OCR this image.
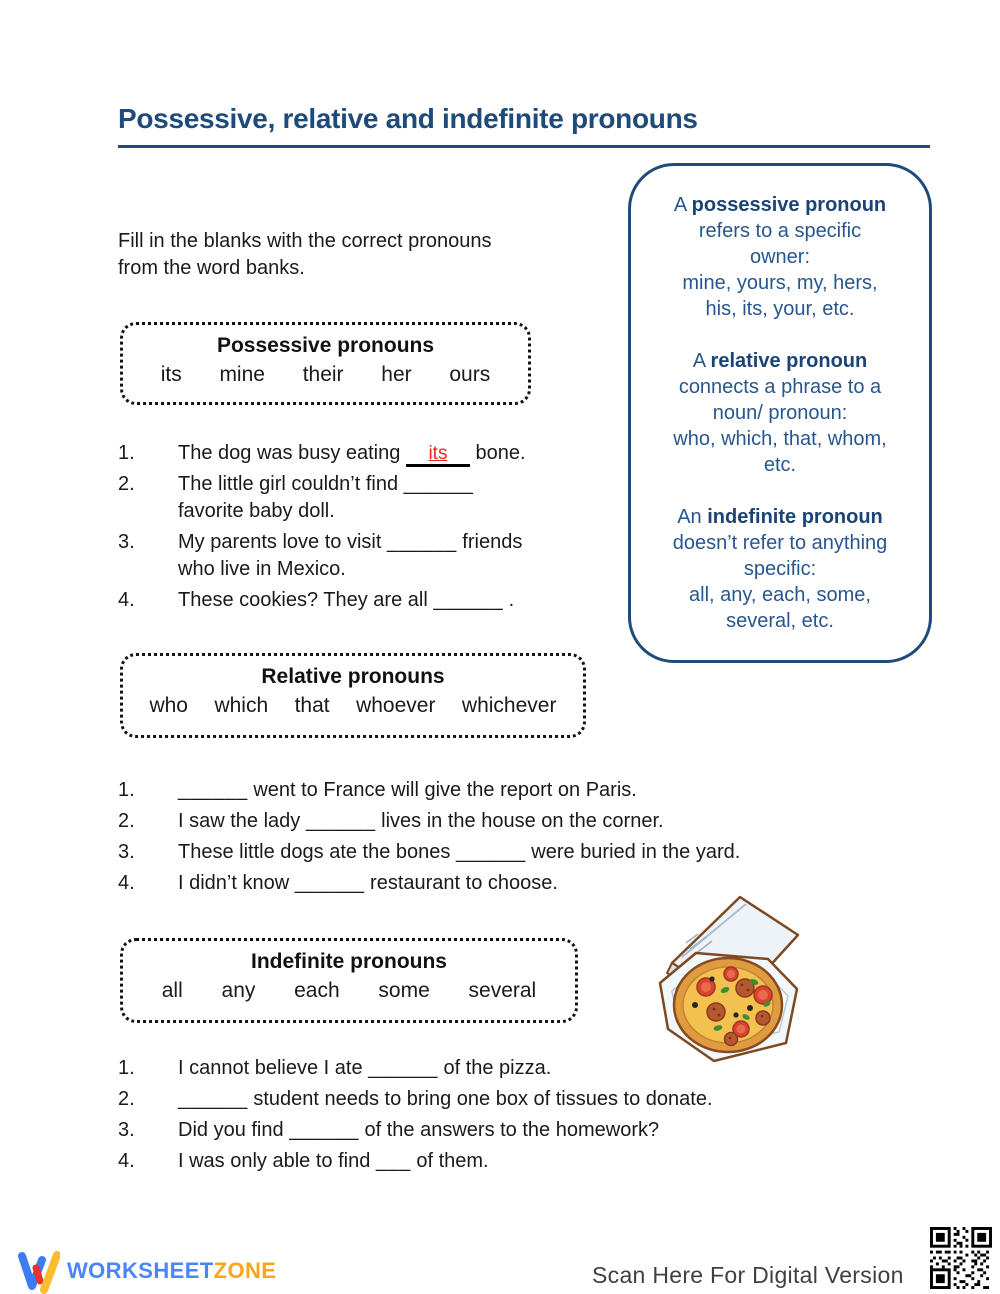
Possessive, relative and indefinite pronouns

Fill in the blanks with the correct pronouns
from the word banks.

A possessive pronoun
refers to a specific
owner:
mine, yours, my, hers,
his, its, your, etc.
A relative pronoun
connects a phrase to a
noun/ pronoun:
who, which, that, whom,
etc.
An indefinite pronoun
doesn’t refer to anything
specific:
all, any, each, some,
several, etc.
Possessive pronouns
its mine their her ours
1.	The dog was busy eating its bone.
2.	The little girl couldn’t find ______
favorite baby doll.
3.	My parents love to visit ______ friends
who live in Mexico.
4.	These cookies? They are all ______ .
Relative pronouns
who which that whoever whichever
1.	______ went to France will give the report on Paris.
2.	I saw the lady ______ lives in the house on the corner.
3.	These little dogs ate the bones ______ were buried in the yard.
4.	I didn’t know ______ restaurant to choose.
Indefinite pronouns
all any each some several
1.	I cannot believe I ate ______ of the pizza.
2.	______ student needs to bring one box of tissues to donate.
3.	Did you find ______ of the answers to the homework?
4.	I was only able to find ___ of them.
WORKSHEETZONE	Scan Here For Digital Version
